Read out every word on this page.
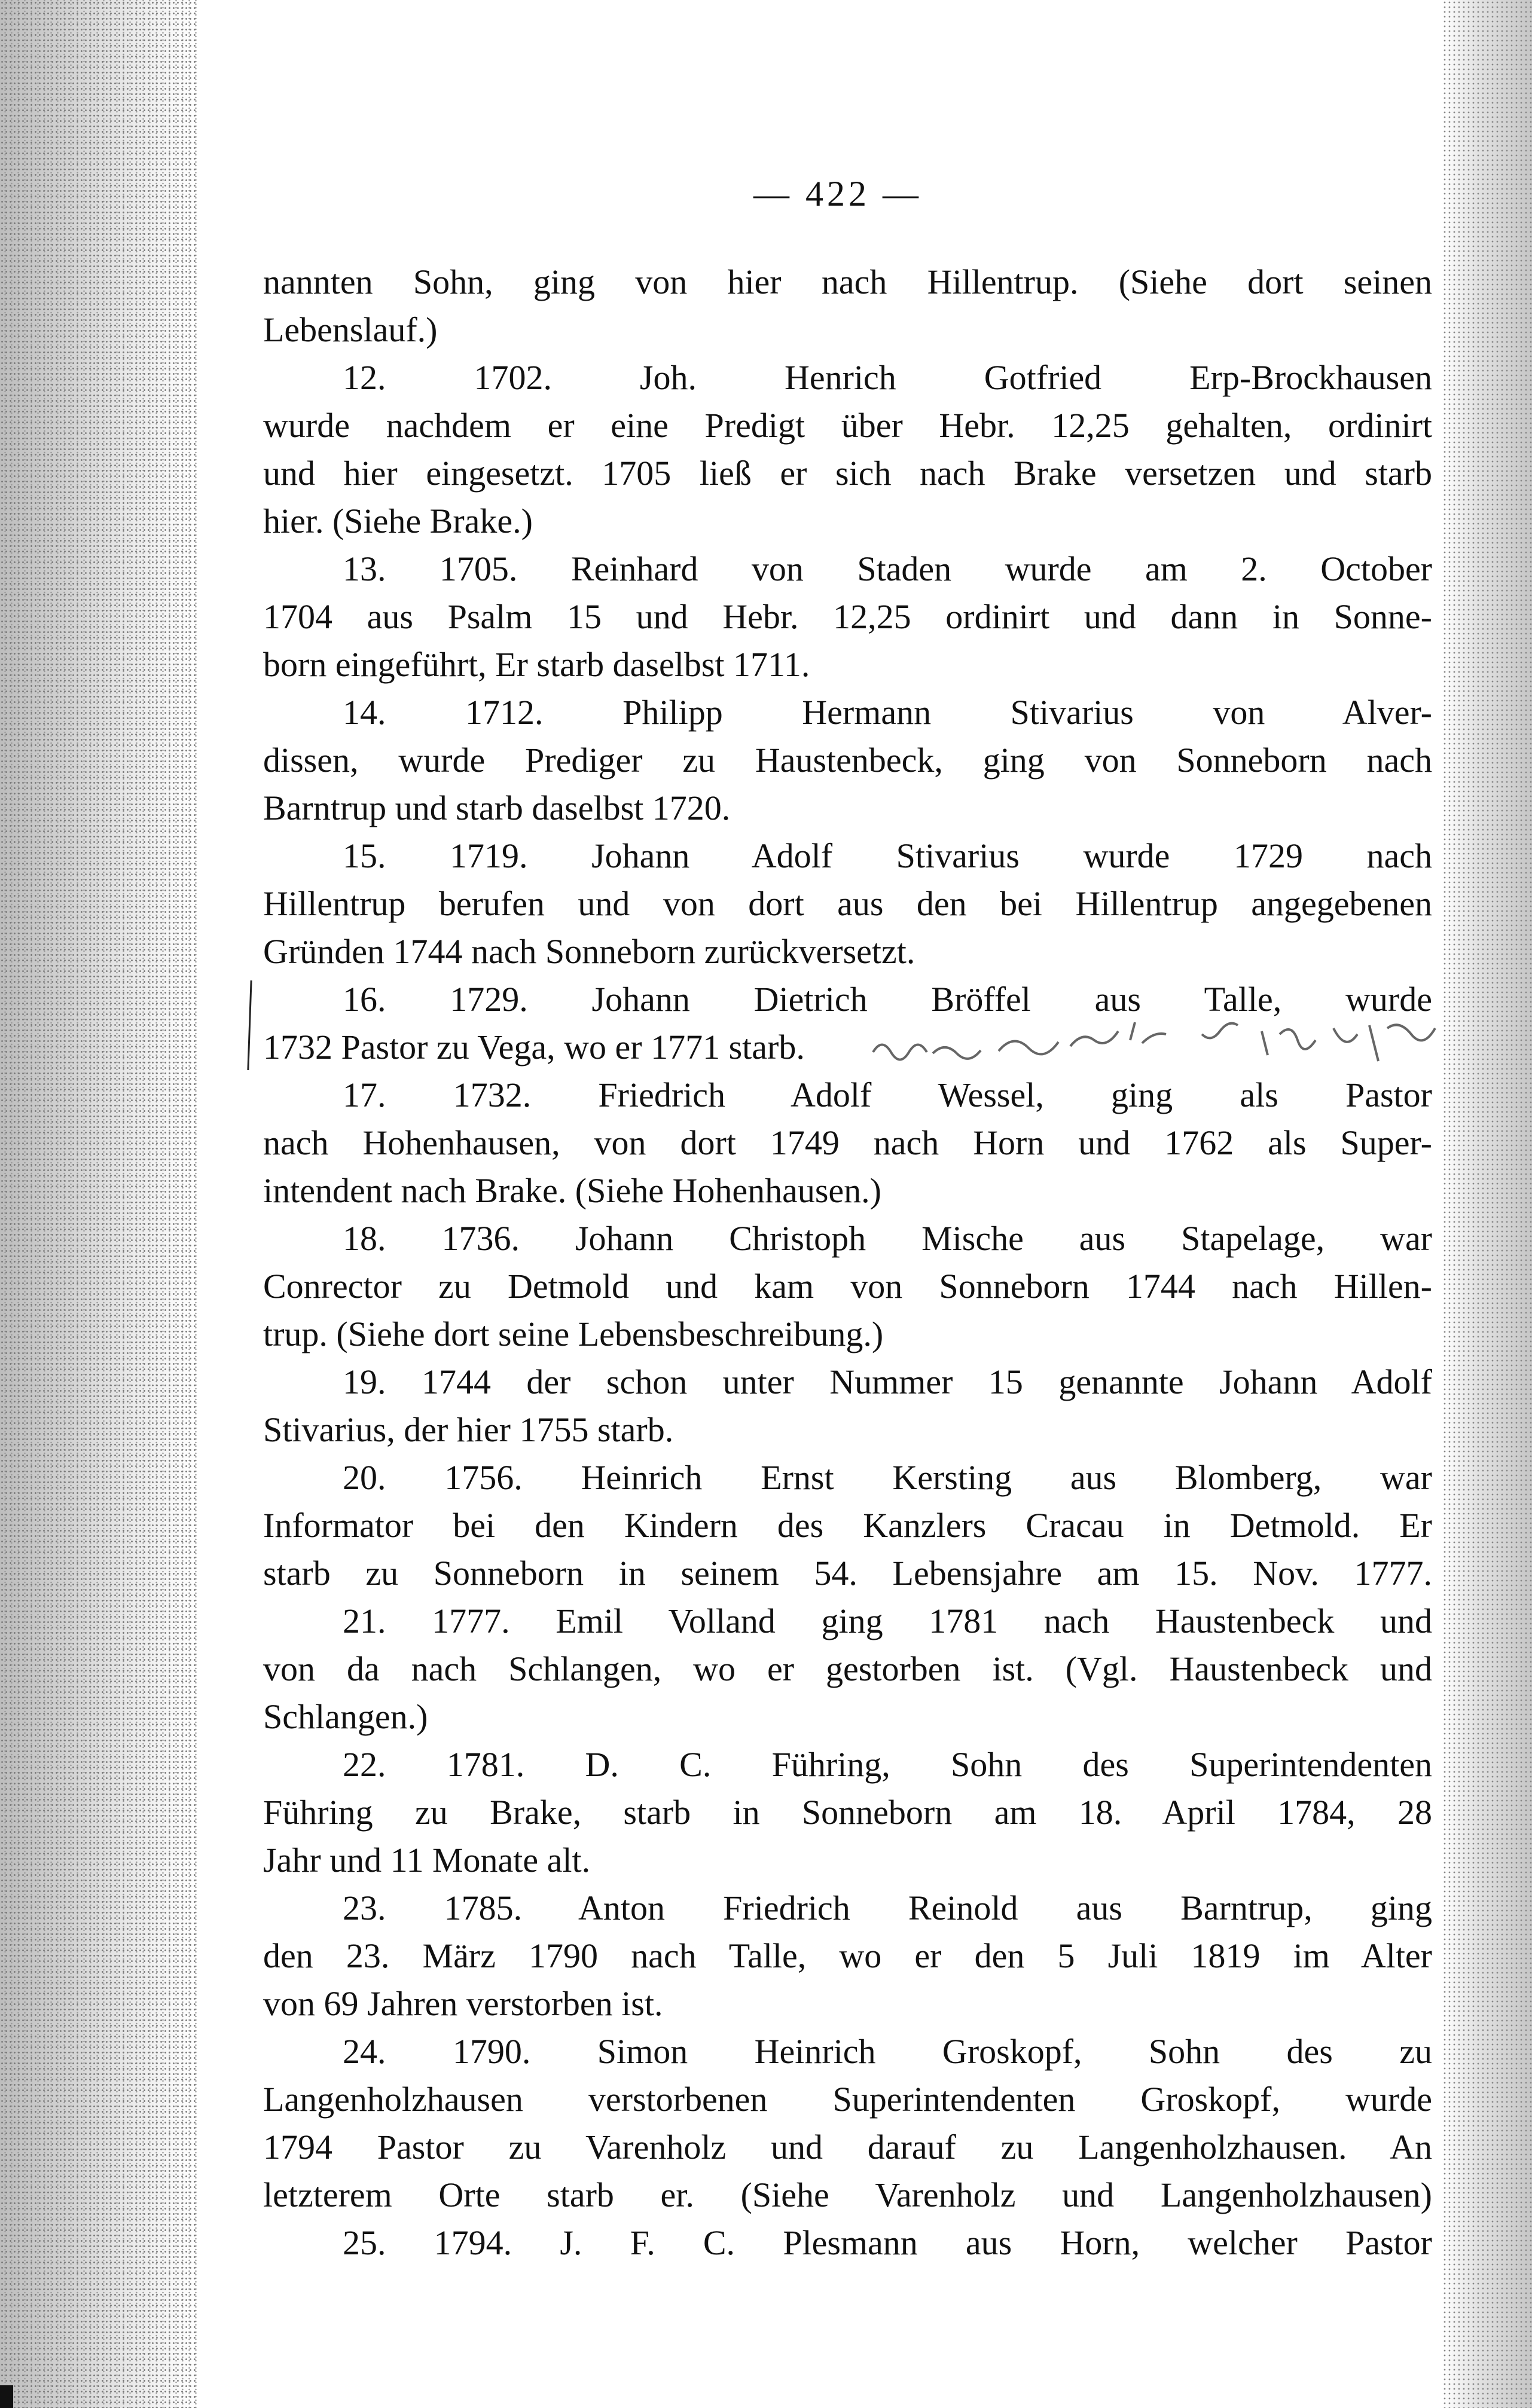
— 422 —
nannten Sohn, ging von hier nach Hillentrup. (Siehe dort seinen
Lebenslauf.)
12. 1702. Joh. Henrich Gotfried Erp-Brockhausen
wurde nachdem er eine Predigt über Hebr. 12,25 gehalten, ordinirt
und hier eingesetzt. 1705 ließ er sich nach Brake versetzen und starb
hier. (Siehe Brake.)
13. 1705. Reinhard von Staden wurde am 2. October
1704 aus Psalm 15 und Hebr. 12,25 ordinirt und dann in Sonne-
born eingeführt, Er starb daselbst 1711.
14. 1712. Philipp Hermann Stivarius von Alver-
dissen, wurde Prediger zu Haustenbeck, ging von Sonneborn nach
Barntrup und starb daselbst 1720.
15. 1719. Johann Adolf Stivarius wurde 1729 nach
Hillentrup berufen und von dort aus den bei Hillentrup angegebenen
Gründen 1744 nach Sonneborn zurückversetzt.
16. 1729. Johann Dietrich Bröffel aus Talle, wurde
1732 Pastor zu Vega, wo er 1771 starb.
17. 1732. Friedrich Adolf Wessel, ging als Pastor
nach Hohenhausen, von dort 1749 nach Horn und 1762 als Super-
intendent nach Brake. (Siehe Hohenhausen.)
18. 1736. Johann Christoph Mische aus Stapelage, war
Conrector zu Detmold und kam von Sonneborn 1744 nach Hillen-
trup. (Siehe dort seine Lebensbeschreibung.)
19. 1744 der schon unter Nummer 15 genannte Johann Adolf
Stivarius, der hier 1755 starb.
20. 1756. Heinrich Ernst Kersting aus Blomberg, war
Informator bei den Kindern des Kanzlers Cracau in Detmold. Er
starb zu Sonneborn in seinem 54. Lebensjahre am 15. Nov. 1777.
21. 1777. Emil Volland ging 1781 nach Haustenbeck und
von da nach Schlangen, wo er gestorben ist. (Vgl. Haustenbeck und
Schlangen.)
22. 1781. D. C. Führing, Sohn des Superintendenten
Führing zu Brake, starb in Sonneborn am 18. April 1784, 28
Jahr und 11 Monate alt.
23. 1785. Anton Friedrich Reinold aus Barntrup, ging
den 23. März 1790 nach Talle, wo er den 5 Juli 1819 im Alter
von 69 Jahren verstorben ist.
24. 1790. Simon Heinrich Groskopf, Sohn des zu
Langenholzhausen verstorbenen Superintendenten Groskopf, wurde
1794 Pastor zu Varenholz und darauf zu Langenholzhausen. An
letzterem Orte starb er. (Siehe Varenholz und Langenholzhausen)
25. 1794. J. F. C. Plesmann aus Horn, welcher Pastor
